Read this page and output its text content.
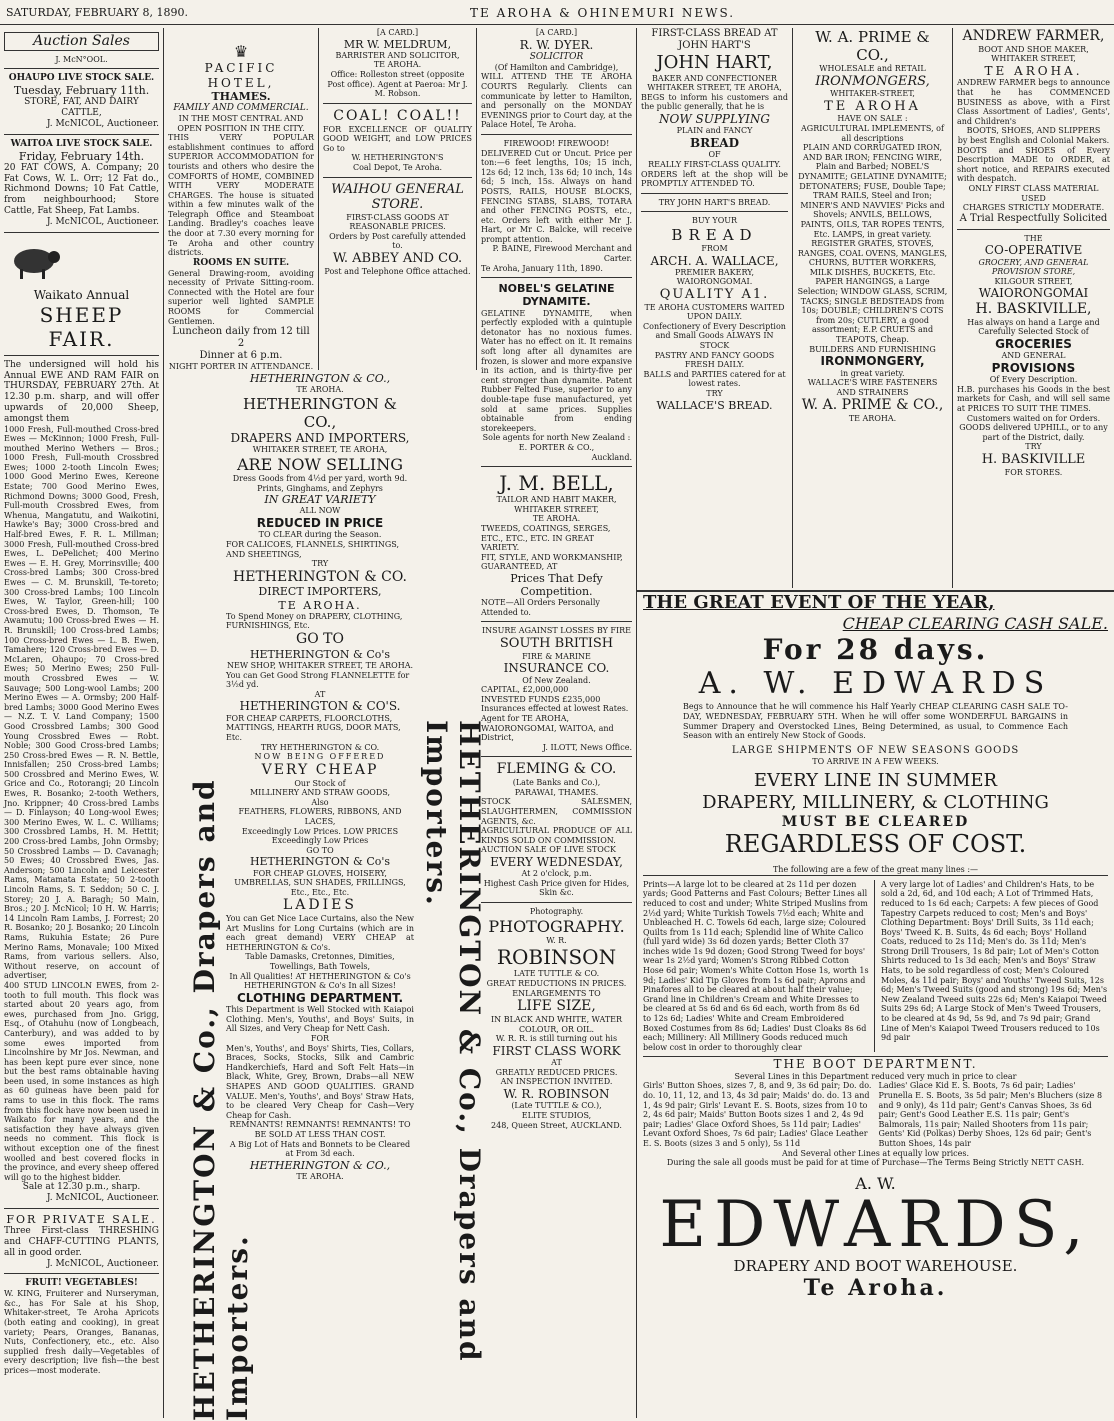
SATURDAY, FEBRUARY 8, 1890.	TE AROHA & OHINEMURI NEWS.
Auction Sales
J. McN°OOL.
OHAUPO LIVE STOCK SALE.
Tuesday, February 11th.
STORE, FAT, AND DAIRY CATTLE,
J. McNICOL, Auctioneer.
WAITOA LIVE STOCK SALE.
Friday, February 14th.
20 FAT COWS, A. Company; 20 Fat Cows, W. L. Orr; 12 Fat do., Richmond Downs; 10 Fat Cattle, from neighbourhood; Store Cattle, Fat Sheep, Fat Lambs.
J. McNICOL, Auctioneer.
Waikato Annual
SHEEP FAIR.
The undersigned will hold his Annual EWE AND RAM FAIR on THURSDAY, FEBRUARY 27th. At 12.30 p.m. sharp, and will offer upwards of 20,000 Sheep, amongst them
1000 Fresh, Full-mouthed Cross-bred Ewes — McKinnon; 1000 Fresh, Full-mouthed Merino Wethers — Bros.; 1000 Fresh, Full-mouth Crossbred Ewes; 1000 2-tooth Lincoln Ewes; 1000 Good Merino Ewes, Kereone Estate; 700 Good Merino Ewes, Richmond Downs; 3000 Good, Fresh, Full-mouth Crossbred Ewes, from Whenua, Mangatutu, and Waikotini, Hawke's Bay; 3000 Cross-bred and Half-bred Ewes, F. R. L. Millman; 3000 Fresh, Full-mouthed Cross-bred Ewes, L. DePelichet; 400 Merino Ewes — E. H. Grey, Morrinsville; 400 Cross-bred Lambs; 300 Cross-bred Ewes — C. M. Brunskill, Te-toreto; 300 Cross-bred Lambs; 100 Lincoln Ewes, W. Taylor, Green-hill; 100 Cross-bred Ewes, D. Thomson, Te Awamutu; 100 Cross-bred Ewes — H. R. Brunskill; 100 Cross-bred Lambs; 100 Cross-bred Ewes — L. B. Ewen, Tamahere; 120 Cross-bred Ewes — D. McLaren, Ohaupo; 70 Cross-bred Ewes; 50 Merino Ewes; 250 Full-mouth Crossbred Ewes — W. Sauvage; 500 Long-wool Lambs; 200 Merino Ewes — A. Ormsby; 200 Half-bred Lambs; 3000 Good Merino Ewes — N.Z. T. V. Land Company; 1500 Good Crossbred Lambs; 300 Good Young Crossbred Ewes — Robt. Noble; 300 Good Cross-bred Lambs; 250 Cross-bred Ewes — R. N. Bettle, Innisfallen; 250 Cross-bred Lambs; 500 Crossbred and Merino Ewes, W. Grice and Co., Rotorangi; 20 Lincoln Ewes, R. Bosanko; 2-tooth Wethers, Jno. Krippner; 40 Cross-bred Lambs — D. Finlayson; 40 Long-wool Ewes; 300 Merino Ewes, W. L. C. Williams; 300 Crossbred Lambs, H. M. Hettit; 200 Cross-bred Lambs, John Ormsby; 50 Crossbred Lambs — D. Cavanagh; 50 Ewes; 40 Crossbred Ewes, Jas. Anderson; 500 Lincoln and Leicester Rams, Matamata Estate; 50 2-tooth Lincoln Rams, S. T. Seddon; 50 C. J. Storey; 20 J. A. Baragh; 50 Main, Bros.; 20 J. McNicol; 10 H. W. Harris; 14 Lincoln Ram Lambs, J. Forrest; 20 R. Bosanko; 20 J. Bosanko; 20 Lincoln Rams, Rukuhia Estate; 26 Pure Merino Rams, Monavale; 100 Mixed Rams, from various sellers. Also, Without reserve, on account of advertiser,
400 STUD LINCOLN EWES, from 2-tooth to full mouth. This flock was started about 20 years ago, from ewes, purchased from Jno. Grigg, Esq., of Otahuhu (now of Longbeach, Canterbury), and was added to by some ewes imported from Lincolnshire by Mr Jos. Newman, and has been kept pure ever since, none but the best rams obtainable having been used, in some instances as high as 60 guineas have been paid for rams to use in this flock. The rams from this flock have now been used in Waikato for many years, and the satisfaction they have always given needs no comment. This flock is without exception one of the finest woolled and best covered flocks in the province, and every sheep offered will go to the highest bidder.
Sale at 12.30 p.m., sharp.
J. McNICOL, Auctioneer.
FOR PRIVATE SALE.
Three First-class THRESHING and CHAFF-CUTTING PLANTS, all in good order.
J. McNICOL, Auctioneer.
FRUIT! VEGETABLES!
W. KING, Fruiterer and Nurseryman, &c., has For Sale at his Shop, Whitaker-street, Te Aroha Apricots (both eating and cooking), in great variety; Pears, Oranges, Bananas, Nuts, Confectionery, etc., etc. Also supplied fresh daily—Vegetables of every description; live fish—the best prices—most moderate.
♛
PACIFIC HOTEL,
THAMES.
FAMILY AND COMMERCIAL.
IN THE MOST CENTRAL AND OPEN POSITION IN THE CITY.
THIS VERY POPULAR establishment continues to afford SUPERIOR ACCOMMODATION for tourists and others who desire the COMFORTS of HOME, COMBINED WITH VERY MODERATE CHARGES. The house is situated within a few minutes walk of the Telegraph Office and Steamboat Landing. Bradley's coaches leave the door at 7.30 every morning for Te Aroha and other country districts.
ROOMS EN SUITE.
General Drawing-room, avoiding necessity of Private Sitting-room. Connected with the Hotel are four superior well lighted SAMPLE ROOMS for Commercial Gentlemen.
Luncheon daily from 12 till 2
Dinner at 6 p.m.
NIGHT PORTER IN ATTENDANCE.
[A CARD.]
MR W. MELDRUM,
BARRISTER AND SOLICITOR,
TE AROHA.
Office: Rolleston street (opposite Post office). Agent at Paeroa: Mr J. M. Robson.
COAL! COAL!!
FOR EXCELLENCE OF QUALITY GOOD WEIGHT, and LOW PRICES Go to
W. HETHERINGTON'S
Coal Depot, Te Aroha.
WAIHOU GENERAL STORE.
FIRST-CLASS GOODS AT REASONABLE PRICES.
Orders by Post carefully attended to.
W. ABBEY AND CO.
Post and Telephone Office attached.
HETHERINGTON & Co., Drapers and Importers.	HETHERINGTON & Co., Drapers and Importers.
HETHERINGTON & CO.,
TE AROHA.
HETHERINGTON & CO.,
DRAPERS AND IMPORTERS,
WHITAKER STREET, TE AROHA,
ARE NOW SELLING
Dress Goods from 4½d per yard, worth 9d. Prints, Ginghams, and Zephyrs
IN GREAT VARIETY
ALL NOW
REDUCED IN PRICE
TO CLEAR during the Season.
FOR CALICOES, FLANNELS, SHIRTINGS, AND SHEETINGS,
TRY
HETHERINGTON & CO.
DIRECT IMPORTERS,
TE AROHA.
To Spend Money on DRAPERY, CLOTHING, FURNISHINGS, Etc.
GO TO
HETHERINGTON & Co's
NEW SHOP, WHITAKER STREET, TE AROHA.
You can Get Good Strong FLANNELETTE for 3½d yd.
AT
HETHERINGTON & CO'S.
FOR CHEAP CARPETS, FLOORCLOTHS, MATTINGS, HEARTH RUGS, DOOR MATS, Etc.
TRY HETHERINGTON & CO.
NOW BEING OFFERED
VERY CHEAP
Our Stock of
MILLINERY AND STRAW GOODS,
Also
FEATHERS, FLOWERS, RIBBONS, AND LACES,
Exceedingly Low Prices. LOW PRICES Exceedingly Low Prices
GO TO
HETHERINGTON & Co's
FOR CHEAP GLOVES, HOISERY, UMBRELLAS, SUN SHADES, FRILLINGS, Etc., Etc., Etc.
LADIES
You can Get Nice Lace Curtains, also the New Art Muslins for Long Curtains (which are in each great demand) VERY CHEAP at HETHERINGTON & Co's.
Table Damasks, Cretonnes, Dimities, Towellings, Bath Towels,
In All Qualities! AT HETHERINGTON & Co's HETHERINGTON & Co's In all Sizes!
CLOTHING DEPARTMENT.
This Department is Well Stocked with Kaiapoi Clothing. Men's, Youths', and Boys' Suits, in All Sizes, and Very Cheap for Nett Cash.
FOR
Men's, Youths', and Boys' Shirts, Ties, Collars, Braces, Socks, Stocks, Silk and Cambric Handkerchiefs, Hard and Soft Felt Hats—in Black, White, Grey, Brown, Drabs—all NEW SHAPES AND GOOD QUALITIES. GRAND VALUE. Men's, Youths', and Boys' Straw Hats, to be cleared Very Cheap for Cash—Very Cheap for Cash.
REMNANTS! REMNANTS! REMNANTS! TO BE SOLD AT LESS THAN COST.
A Big Lot of Hats and Bonnets to be Cleared at From 3d each.
HETHERINGTON & CO.,
TE AROHA.
[A CARD.]
R. W. DYER.
SOLICITOR
(Of Hamilton and Cambridge),
WILL ATTEND THE TE AROHA COURTS Regularly. Clients can communicate by letter to Hamilton, and personally on the MONDAY EVENINGS prior to Court day, at the Palace Hotel, Te Aroha.
FIREWOOD! FIREWOOD!
DELIVERED Cut or Uncut. Price per ton:—6 feet lengths, 10s; 15 inch, 12s 6d; 12 inch, 13s 6d; 10 inch, 14s 6d; 5 inch, 15s. Always on hand POSTS, RAILS, HOUSE BLOCKS, FENCING STABS, SLABS, TOTARA and other FENCING POSTS, etc., etc. Orders left with either Mr J. Hart, or Mr C. Balcke, will receive prompt attention.
P. BAINE, Firewood Merchant and Carter.
Te Aroha, January 11th, 1890.
NOBEL'S GELATINE DYNAMITE.
GELATINE DYNAMITE, when perfectly exploded with a quintuple detonator has no noxious fumes. Water has no effect on it. It remains soft long after all dynamites are frozen, is slower and more expansive in its action, and is thirty-five per cent stronger than dynamite. Patent Rubber Felted Fuse, superior to any double-tape fuse manufactured, yet sold at same prices. Supplies obtainable from ending storekeepers.
Sole agents for north New Zealand :
E. PORTER & CO.,
Auckland.
J. M. BELL,
TAILOR AND HABIT MAKER,
WHITAKER STREET,
TE AROHA.
TWEEDS, COATINGS, SERGES, ETC., ETC., ETC. IN GREAT VARIETY.
FIT, STYLE, AND WORKMANSHIP, GUARANTEED, AT
Prices That Defy Competition.
NOTE—All Orders Personally Attended to.
INSURE AGAINST LOSSES BY FIRE
SOUTH BRITISH
FIRE & MARINE
INSURANCE CO.
Of New Zealand.
CAPITAL, £2,000,000
INVESTED FUNDS £235,000
Insurances effected at lowest Rates.
Agent for TE AROHA, WAIORONGOMAI, WAITOA, and District,
J. ILOTT, News Office.
FLEMING & CO.
(Late Banks and Co.),
PARAWAI, THAMES.
STOCK SALESMEN, SLAUGHTERMEN, COMMISSION AGENTS, &c.
AGRICULTURAL PRODUCE OF ALL KINDS SOLD ON COMMISSION.
AUCTION SALE OF LIVE STOCK
EVERY WEDNESDAY,
At 2 o'clock, p.m.
Highest Cash Price given for Hides, Skin &c.
Photography.
PHOTOGRAPHY.
W. R.
ROBINSON
LATE TUTTLE & CO.
GREAT REDUCTIONS IN PRICES.
ENLARGEMENTS TO
LIFE SIZE,
IN BLACK AND WHITE, WATER COLOUR, OR OIL.
W. R. R. is still turning out his
FIRST CLASS WORK
AT
GREATLY REDUCED PRICES.
AN INSPECTION INVITED.
W. R. ROBINSON
(Late TUTTLE & CO.),
ELITE STUDIOS,
248, Queen Street, AUCKLAND.
FIRST-CLASS BREAD AT JOHN HART'S
JOHN HART,
BAKER AND CONFECTIONER
WHITAKER STREET, TE AROHA,
BEGS to inform his customers and the public generally, that he is
NOW SUPPLYING
PLAIN and FANCY
BREAD
OF
REALLY FIRST-CLASS QUALITY.
ORDERS left at the shop will be PROMPTLY ATTENDED TO.
TRY JOHN HART'S BREAD.
BUY YOUR
BREAD
FROM
ARCH. A. WALLACE,
PREMIER BAKERY,
WAIORONGOMAI.
QUALITY A1.
TE AROHA CUSTOMERS WAITED UPON DAILY.
Confectionery of Every Description and Small Goods ALWAYS IN STOCK
PASTRY AND FANCY GOODS FRESH DAILY.
BALLS and PARTIES catered for at lowest rates.
TRY
WALLACE'S BREAD.
W. A. PRIME & CO.,
WHOLESALE and RETAIL
IRONMONGERS,
WHITAKER-STREET,
TE AROHA
HAVE ON SALE :
AGRICULTURAL IMPLEMENTS, of all descriptions
PLAIN AND CORRUGATED IRON, AND BAR IRON; FENCING WIRE, Plain and Barbed; NOBEL'S DYNAMITE; GELATINE DYNAMITE; DETONATERS; FUSE, Double Tape; TRAM RAILS, Steel and Iron; MINER'S AND NAVVIES' Picks and Shovels; ANVILS, BELLOWS, PAINTS, OILS, TAR ROPES TENTS, Etc. LAMPS, in great variety. REGISTER GRATES, STOVES, RANGES, COAL OVENS, MANGLES, CHURNS, BUTTER WORKERS, MILK DISHES, BUCKETS, Etc. PAPER HANGINGS, a Large Selection; WINDOW GLASS, SCRIM, TACKS; SINGLE BEDSTEADS from 10s; DOUBLE; CHILDREN'S COTS from 20s; CUTLERY, a good assortment; E.P. CRUETS and TEAPOTS, Cheap.
BUILDERS AND FURNISHING
IRONMONGERY,
in great variety.
WALLACE'S WIRE FASTENERS AND STRAINERS
W. A. PRIME & CO.,
TE AROHA.
ANDREW FARMER,
BOOT AND SHOE MAKER,
WHITAKER STREET,
TE AROHA.
ANDREW FARMER begs to announce that he has COMMENCED BUSINESS as above, with a First Class Assortment of Ladies', Gents', and Children's
BOOTS, SHOES, AND SLIPPERS
by best English and Colonial Makers.
BOOTS and SHOES of Every Description MADE to ORDER, at short notice, and REPAIRS executed with despatch.
ONLY FIRST CLASS MATERIAL USED
CHARGES STRICTLY MODERATE.
A Trial Respectfully Solicited
THE
CO-OPERATIVE
GROCERY, AND GENERAL PROVISION STORE,
KILGOUR STREET,
WAIORONGOMAI
H. BASKIVILLE,
Has always on hand a Large and Carefully Selected Stock of
GROCERIES
AND GENERAL
PROVISIONS
Of Every Description.
H.B. purchases his Goods in the best markets for Cash, and will sell same at PRICES TO SUIT THE TIMES.
Customers waited on for Orders.
GOODS delivered UPHILL, or to any part of the District, daily.
TRY
H. BASKIVILLE
FOR STORES.
THE GREAT EVENT OF THE YEAR,
CHEAP CLEARING CASH SALE.
For 28 days.
A. W. EDWARDS
Begs to Announce that he will commence his Half Yearly CHEAP CLEARING CASH SALE TO-DAY, WEDNESDAY, FEBRUARY 5TH. When he will offer some WONDERFUL BARGAINS in Summer Drapery and Overstocked Lines, Being Determined, as usual, to Commence Each Season with an entirely New Stock of Goods.
LARGE SHIPMENTS OF NEW SEASONS GOODS
TO ARRIVE IN A FEW WEEKS.
EVERY LINE IN SUMMER
DRAPERY, MILLINERY, & CLOTHING
MUST BE CLEARED
REGARDLESS OF COST.
The following are a few of the great many lines :—
Prints—A large lot to be cleared at 2s 11d per dozen yards; Good Patterns and Fast Colours; Better Lines all reduced to cost and under; White Striped Muslins from 2½d yard; White Turkish Towels 7½d each; White and Unbleached H. C. Towels 6d each, large size; Coloured Quilts from 1s 11d each; Splendid line of White Calico (full yard wide) 3s 6d dozen yards; Better Cloth 37 inches wide 1s 9d dozen; Good Strong Tweed for boys' wear 1s 2½d yard; Women's Strong Ribbed Cotton Hose 6d pair; Women's White Cotton Hose 1s, worth 1s 9d; Ladies' Kid Tip Gloves from 1s 6d pair; Aprons and Pinafores all to be cleared at about half their value; Grand line in Children's Cream and White Dresses to be cleared at 5s 6d and 6s 6d each, worth from 8s 6d to 12s 6d; Ladies' White and Cream Embroidered Boxed Costumes from 8s 6d; Ladies' Dust Cloaks 8s 6d each; Millinery: All Millinery Goods reduced much below cost in order to thoroughly clear
A very large lot of Ladies' and Children's Hats, to be sold a 2d, 6d, and 10d each; A Lot of Trimmed Hats, reduced to 1s 6d each; Carpets: A few pieces of Good Tapestry Carpets reduced to cost; Men's and Boys' Clothing Department: Boys' Drill Suits, 3s 11d each; Boys' Tweed K. B. Suits, 4s 6d each; Boys' Holland Coats, reduced to 2s 11d; Men's do. 3s 11d; Men's Strong Drill Trousers, 1s 8d pair; Lot of Men's Cotton Shirts reduced to 1s 3d each; Men's and Boys' Straw Hats, to be sold regardless of cost; Men's Coloured Moles, 4s 11d pair; Boys' and Youths' Tweed Suits, 12s 6d; Men's Tweed Suits (good and strong) 19s 6d; Men's New Zealand Tweed suits 22s 6d; Men's Kaiapoi Tweed Suits 29s 6d; A Large Stock of Men's Tweed Trousers, to be cleared at 4s 9d, 5s 9d, and 7s 9d pair; Grand Line of Men's Kaiapoi Tweed Trousers reduced to 10s 9d pair
THE BOOT DEPARTMENT.
Several Lines in this Department reduced very much in price to clear
Girls' Button Shoes, sizes 7, 8, and 9, 3s 6d pair; Do. do. do. 10, 11, 12, and 13, 4s 3d pair; Maids' do. do. 13 and 1, 4s 9d pair; Girls' Levant E. S. Boots, sizes from 10 to 2, 4s 6d pair; Maids' Button Boots sizes 1 and 2, 4s 9d pair; Ladies' Glace Oxford Shoes, 5s 11d pair; Ladies' Levant Oxford Shoes, 7s 6d pair; Ladies' Glace Leather E. S. Boots (sizes 3 and 5 only), 5s 11d
Ladies' Glace Kid E. S. Boots, 7s 6d pair; Ladies' Prunella E. S. Boots, 3s 5d pair; Men's Bluchers (size 8 and 9 only), 4s 11d pair; Gent's Canvas Shoes, 3s 6d pair; Gent's Good Leather E.S. 11s pair; Gent's Balmorals, 11s pair; Nailed Shooters from 11s pair; Gents' Kid (Polkas) Derby Shoes, 12s 6d pair; Gent's Button Shoes, 14s pair
And Several other Lines at equally low prices.
During the sale all goods must be paid for at time of Purchase—The Terms Being Strictly NETT CASH.
A. W.
EDWARDS,
DRAPERY AND BOOT WAREHOUSE.
Te Aroha.
